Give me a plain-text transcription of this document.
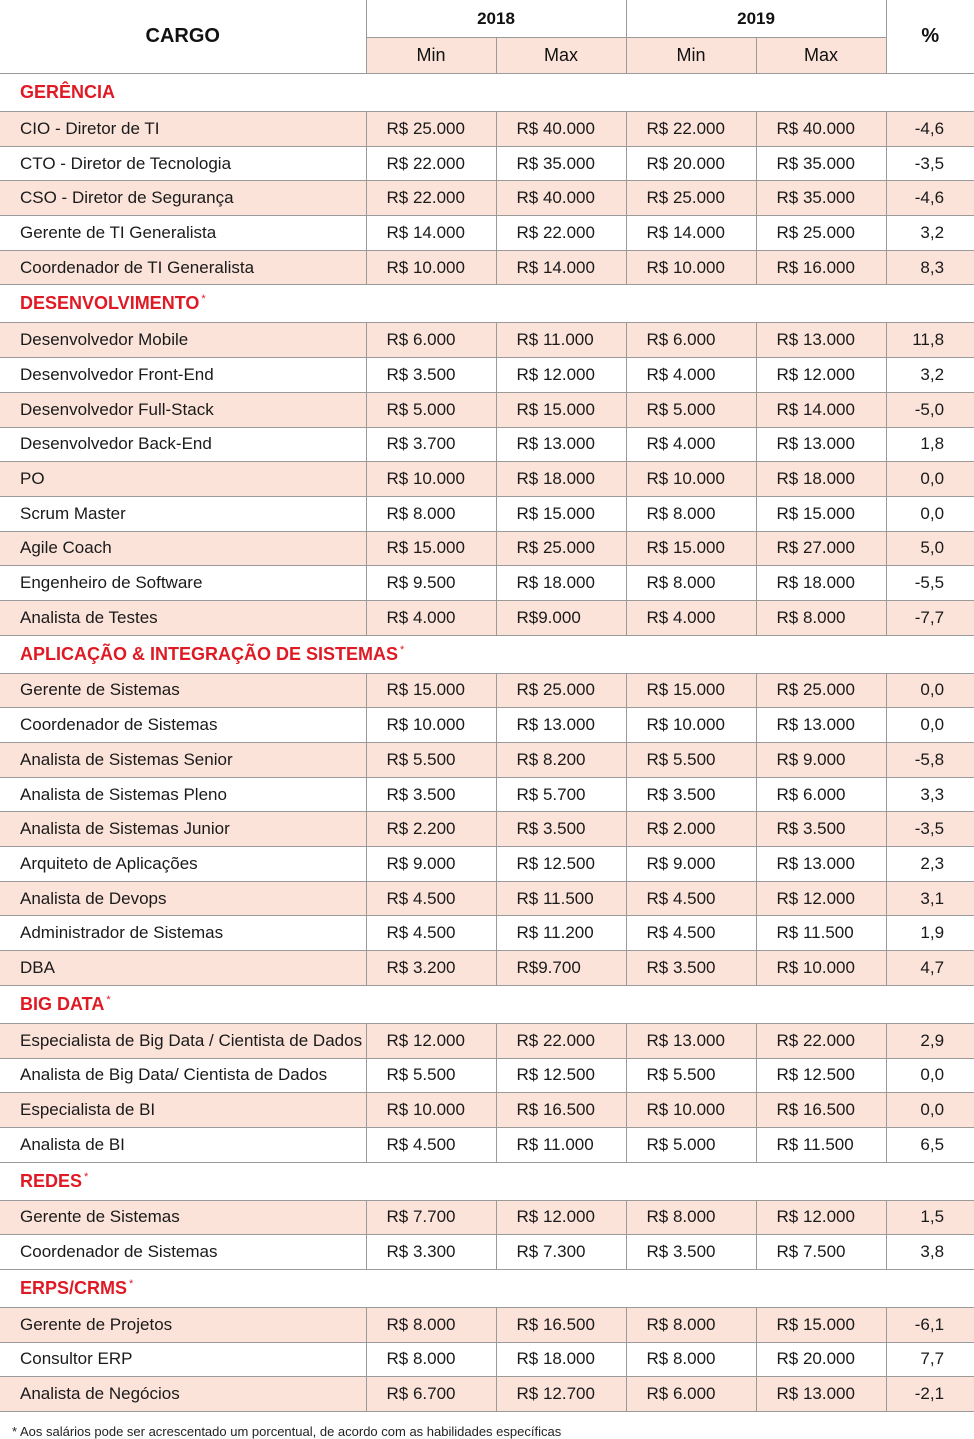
CARGO	2018		2019		%
	Min	Max	Min	Max	
GERÊNCIA					
CIO - Diretor de TI	R$ 25.000	R$ 40.000	R$ 22.000	R$ 40.000	-4,6
CTO - Diretor de Tecnologia	R$ 22.000	R$ 35.000	R$ 20.000	R$ 35.000	-3,5
CSO - Diretor de Segurança	R$ 22.000	R$ 40.000	R$ 25.000	R$ 35.000	-4,6
Gerente de TI Generalista	R$ 14.000	R$ 22.000	R$ 14.000	R$ 25.000	3,2
Coordenador de TI Generalista	R$ 10.000	R$ 14.000	R$ 10.000	R$ 16.000	8,3
DESENVOLVIMENTO *
Desenvolvedor Mobile	R$ 6.000	R$ 11.000	R$ 6.000	R$ 13.000	11,8
Desenvolvedor Front-End	R$ 3.500	R$ 12.000	R$ 4.000	R$ 12.000	3,2
Desenvolvedor Full-Stack	R$ 5.000	R$ 15.000	R$ 5.000	R$ 14.000	-5,0
Desenvolvedor Back-End	R$ 3.700	R$ 13.000	R$ 4.000	R$ 13.000	1,8
PO	R$ 10.000	R$ 18.000	R$ 10.000	R$ 18.000	0,0
Scrum Master	R$ 8.000	R$ 15.000	R$ 8.000	R$ 15.000	0,0
Agile Coach	R$ 15.000	R$ 25.000	R$ 15.000	R$ 27.000	5,0
Engenheiro de Software	R$ 9.500	R$ 18.000	R$ 8.000	R$ 18.000	-5,5
Analista de Testes	R$ 4.000	R$9.000	R$ 4.000	R$ 8.000	-7,7
APLICAÇÃO & INTEGRAÇÃO DE SISTEMAS *
Gerente de Sistemas	R$ 15.000	R$ 25.000	R$ 15.000	R$ 25.000	0,0
Coordenador de Sistemas	R$ 10.000	R$ 13.000	R$ 10.000	R$ 13.000	0,0
Analista de Sistemas Senior	R$ 5.500	R$ 8.200	R$ 5.500	R$ 9.000	-5,8
Analista de Sistemas Pleno	R$ 3.500	R$ 5.700	R$ 3.500	R$ 6.000	3,3
Analista de Sistemas Junior	R$ 2.200	R$ 3.500	R$ 2.000	R$ 3.500	-3,5
Arquiteto de Aplicações	R$ 9.000	R$ 12.500	R$ 9.000	R$ 13.000	2,3
Analista de Devops	R$ 4.500	R$ 11.500	R$ 4.500	R$ 12.000	3,1
Administrador de Sistemas	R$ 4.500	R$ 11.200	R$ 4.500	R$ 11.500	1,9
DBA	R$ 3.200	R$9.700	R$ 3.500	R$ 10.000	4,7
BIG DATA *
Especialista de Big Data / Cientista de Dados	R$ 12.000	R$ 22.000	R$ 13.000	R$ 22.000	2,9
Analista de Big Data/ Cientista de Dados	R$ 5.500	R$ 12.500	R$ 5.500	R$ 12.500	0,0
Especialista de BI	R$ 10.000	R$ 16.500	R$ 10.000	R$ 16.500	0,0
Analista de BI	R$ 4.500	R$ 11.000	R$ 5.000	R$ 11.500	6,5
REDES *
Gerente de Sistemas	R$ 7.700	R$ 12.000	R$ 8.000	R$ 12.000	1,5
Coordenador de Sistemas	R$ 3.300	R$ 7.300	R$ 3.500	R$ 7.500	3,8
ERPS/CRMS *
Gerente de Projetos	R$ 8.000	R$ 16.500	R$ 8.000	R$ 15.000	-6,1
Consultor ERP	R$ 8.000	R$ 18.000	R$ 8.000	R$ 20.000	7,7
Analista de Negócios	R$ 6.700	R$ 12.700	R$ 6.000	R$ 13.000	-2,1
* Aos salários pode ser acrescentado um porcentual, de acordo com as habilidades específicas
